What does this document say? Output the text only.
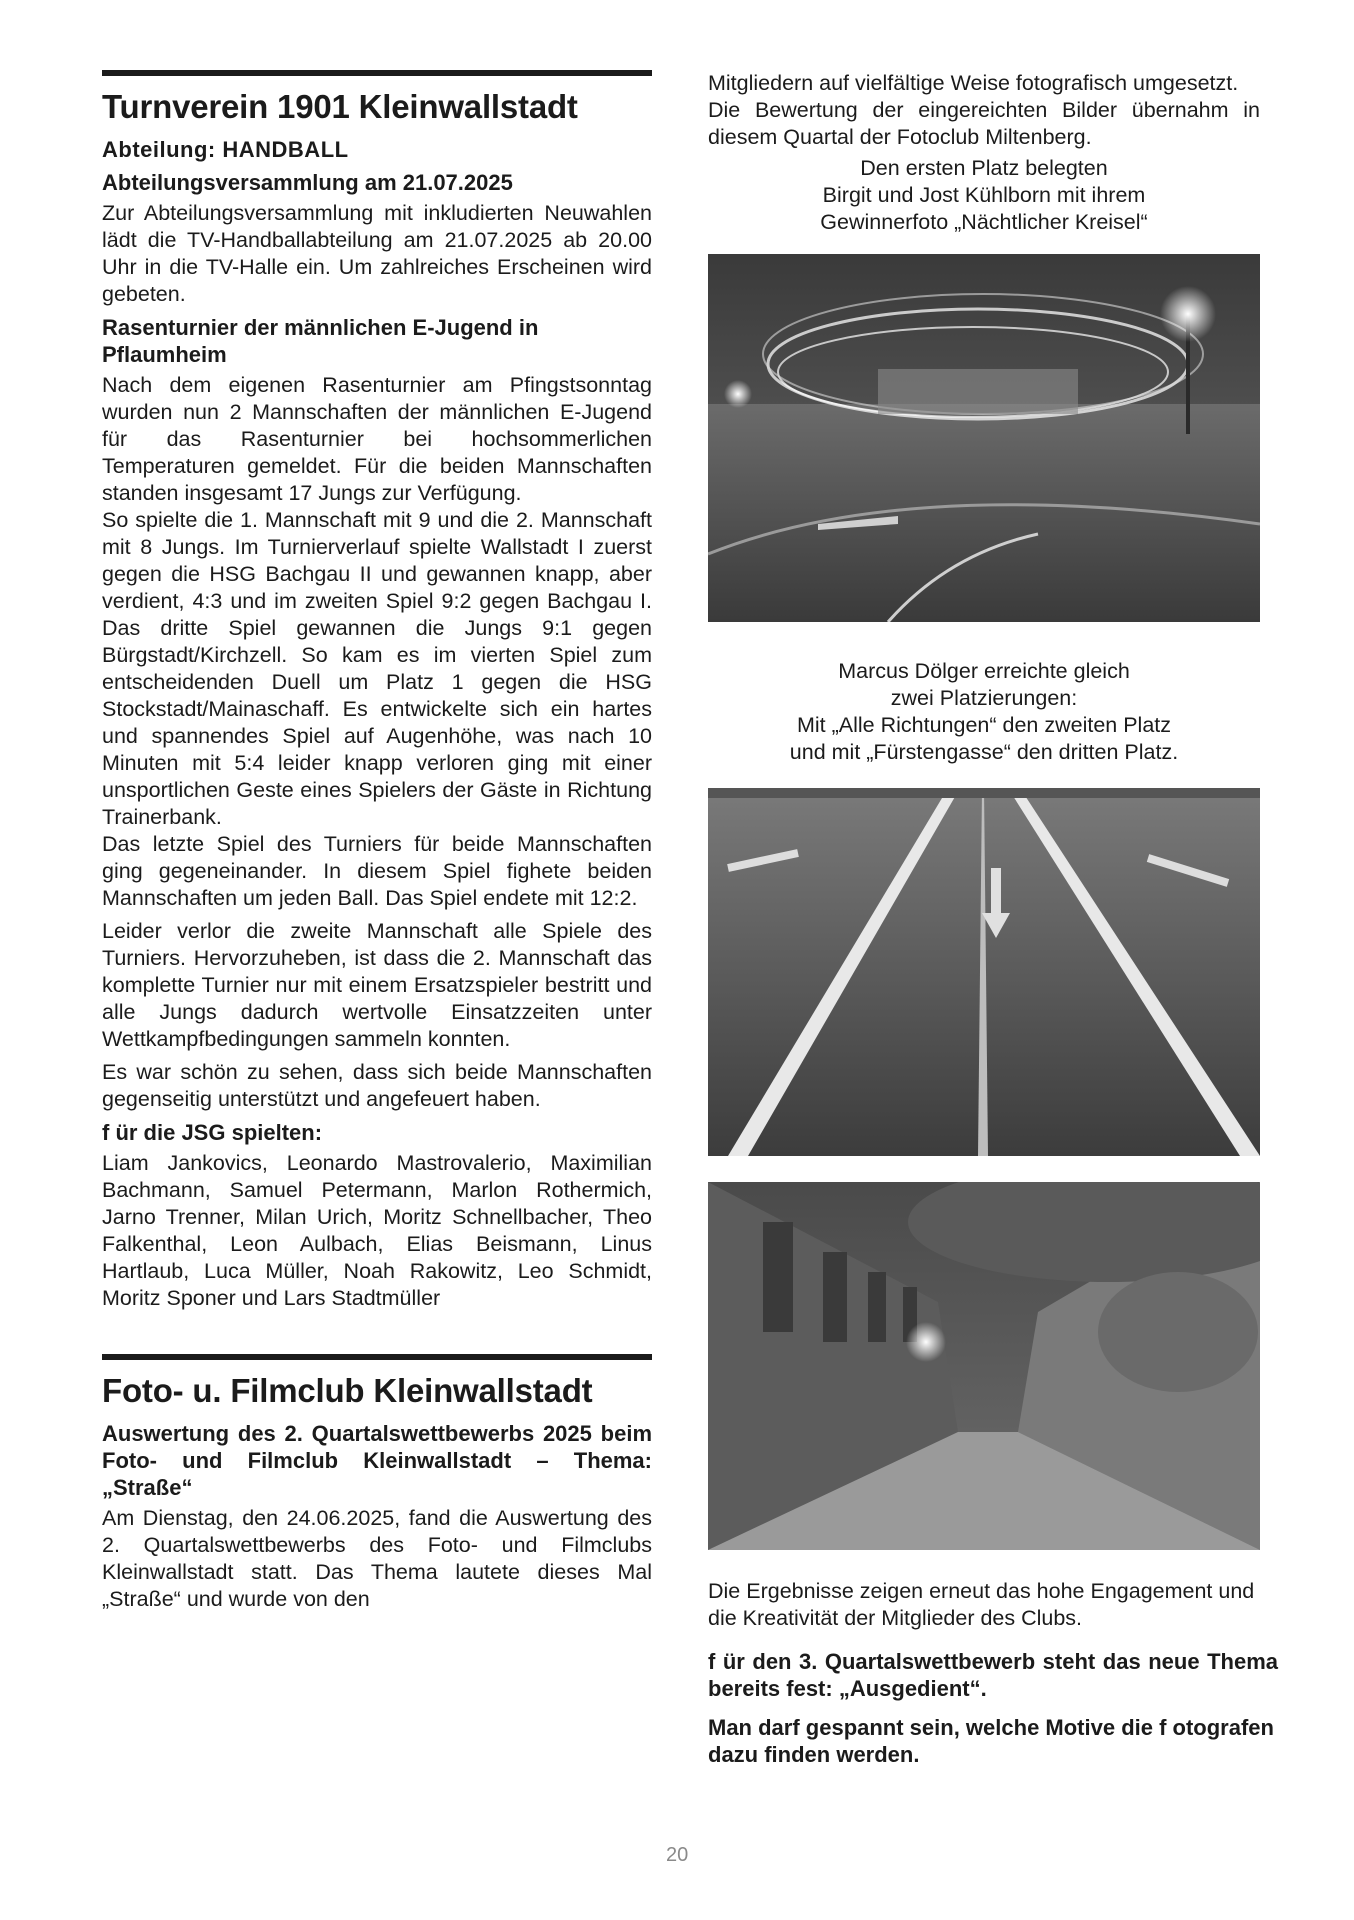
Turnverein 1901 Kleinwallstadt
Abteilung: HANDBALL
Abteilungsversammlung am 21.07.2025
Zur Abteilungsversammlung mit inkludierten Neuwahlen lädt die TV-Handballabteilung am 21.07.2025 ab 20.00 Uhr in die TV-Halle ein. Um zahlreiches Erscheinen wird gebeten.
Rasenturnier der männlichen E-Jugend in Pflaumheim
Nach dem eigenen Rasenturnier am Pfingstsonntag wurden nun 2 Mannschaften der männlichen E-Jugend für das Rasenturnier bei hochsommerlichen Temperaturen gemeldet. Für die beiden Mannschaften standen insgesamt 17 Jungs zur Verfügung.
So spielte die 1. Mannschaft mit 9 und die 2. Mannschaft mit 8 Jungs. Im Turnierverlauf spielte Wallstadt I zuerst gegen die HSG Bachgau II und gewannen knapp, aber verdient, 4:3 und im zweiten Spiel 9:2 gegen Bachgau I. Das dritte Spiel gewannen die Jungs 9:1 gegen Bürgstadt/Kirchzell. So kam es im vierten Spiel zum entscheidenden Duell um Platz 1 gegen die HSG Stockstadt/Mainaschaff. Es entwickelte sich ein hartes und spannendes Spiel auf Augenhöhe, was nach 10 Minuten mit 5:4 leider knapp verloren ging mit einer unsportlichen Geste eines Spielers der Gäste in Richtung Trainerbank.
Das letzte Spiel des Turniers für beide Mannschaften ging gegeneinander. In diesem Spiel fighete beiden Mannschaften um jeden Ball. Das Spiel endete mit 12:2.
Leider verlor die zweite Mannschaft alle Spiele des Turniers. Hervorzuheben, ist dass die 2. Mannschaft das komplette Turnier nur mit einem Ersatzspieler bestritt und alle Jungs dadurch wertvolle Einsatzzeiten unter Wettkampfbedingungen sammeln konnten.
Es war schön zu sehen, dass sich beide Mannschaften gegenseitig unterstützt und angefeuert haben.
f ür die JSG spielten:
Liam Jankovics, Leonardo Mastrovalerio, Maximilian Bachmann, Samuel Petermann, Marlon Rothermich, Jarno Trenner, Milan Urich, Moritz Schnellbacher, Theo Falkenthal, Leon Aulbach, Elias Beismann, Linus Hartlaub, Luca Müller, Noah Rakowitz, Leo Schmidt, Moritz Sponer und Lars Stadtmüller
Foto- u. Filmclub Kleinwallstadt
Auswertung des 2. Quartalswettbewerbs 2025 beim Foto- und Filmclub Kleinwallstadt – Thema: „Straße“
Am Dienstag, den 24.06.2025, fand die Auswertung des 2. Quartalswettbewerbs des Foto- und Filmclubs Kleinwallstadt statt. Das Thema lautete dieses Mal „Straße“ und wurde von den
Mitgliedern auf vielfältige Weise fotografisch umgesetzt.
Die Bewertung der eingereichten Bilder übernahm in diesem Quartal der Fotoclub Miltenberg.
Den ersten Platz belegten
Birgit und Jost Kühlborn mit ihrem
Gewinnerfoto „Nächtlicher Kreisel“
Marcus Dölger erreichte gleich
zwei Platzierungen:
Mit „Alle Richtungen“ den zweiten Platz
und mit „Fürstengasse“ den dritten Platz.
Die Ergebnisse zeigen erneut das hohe Engagement und die Kreativität der Mitglieder des Clubs.
f ür den 3. Quartalswettbewerb steht das neue Thema bereits fest: „Ausgedient“.
Man darf gespannt sein, welche Motive die f otografen dazu finden werden.
20
